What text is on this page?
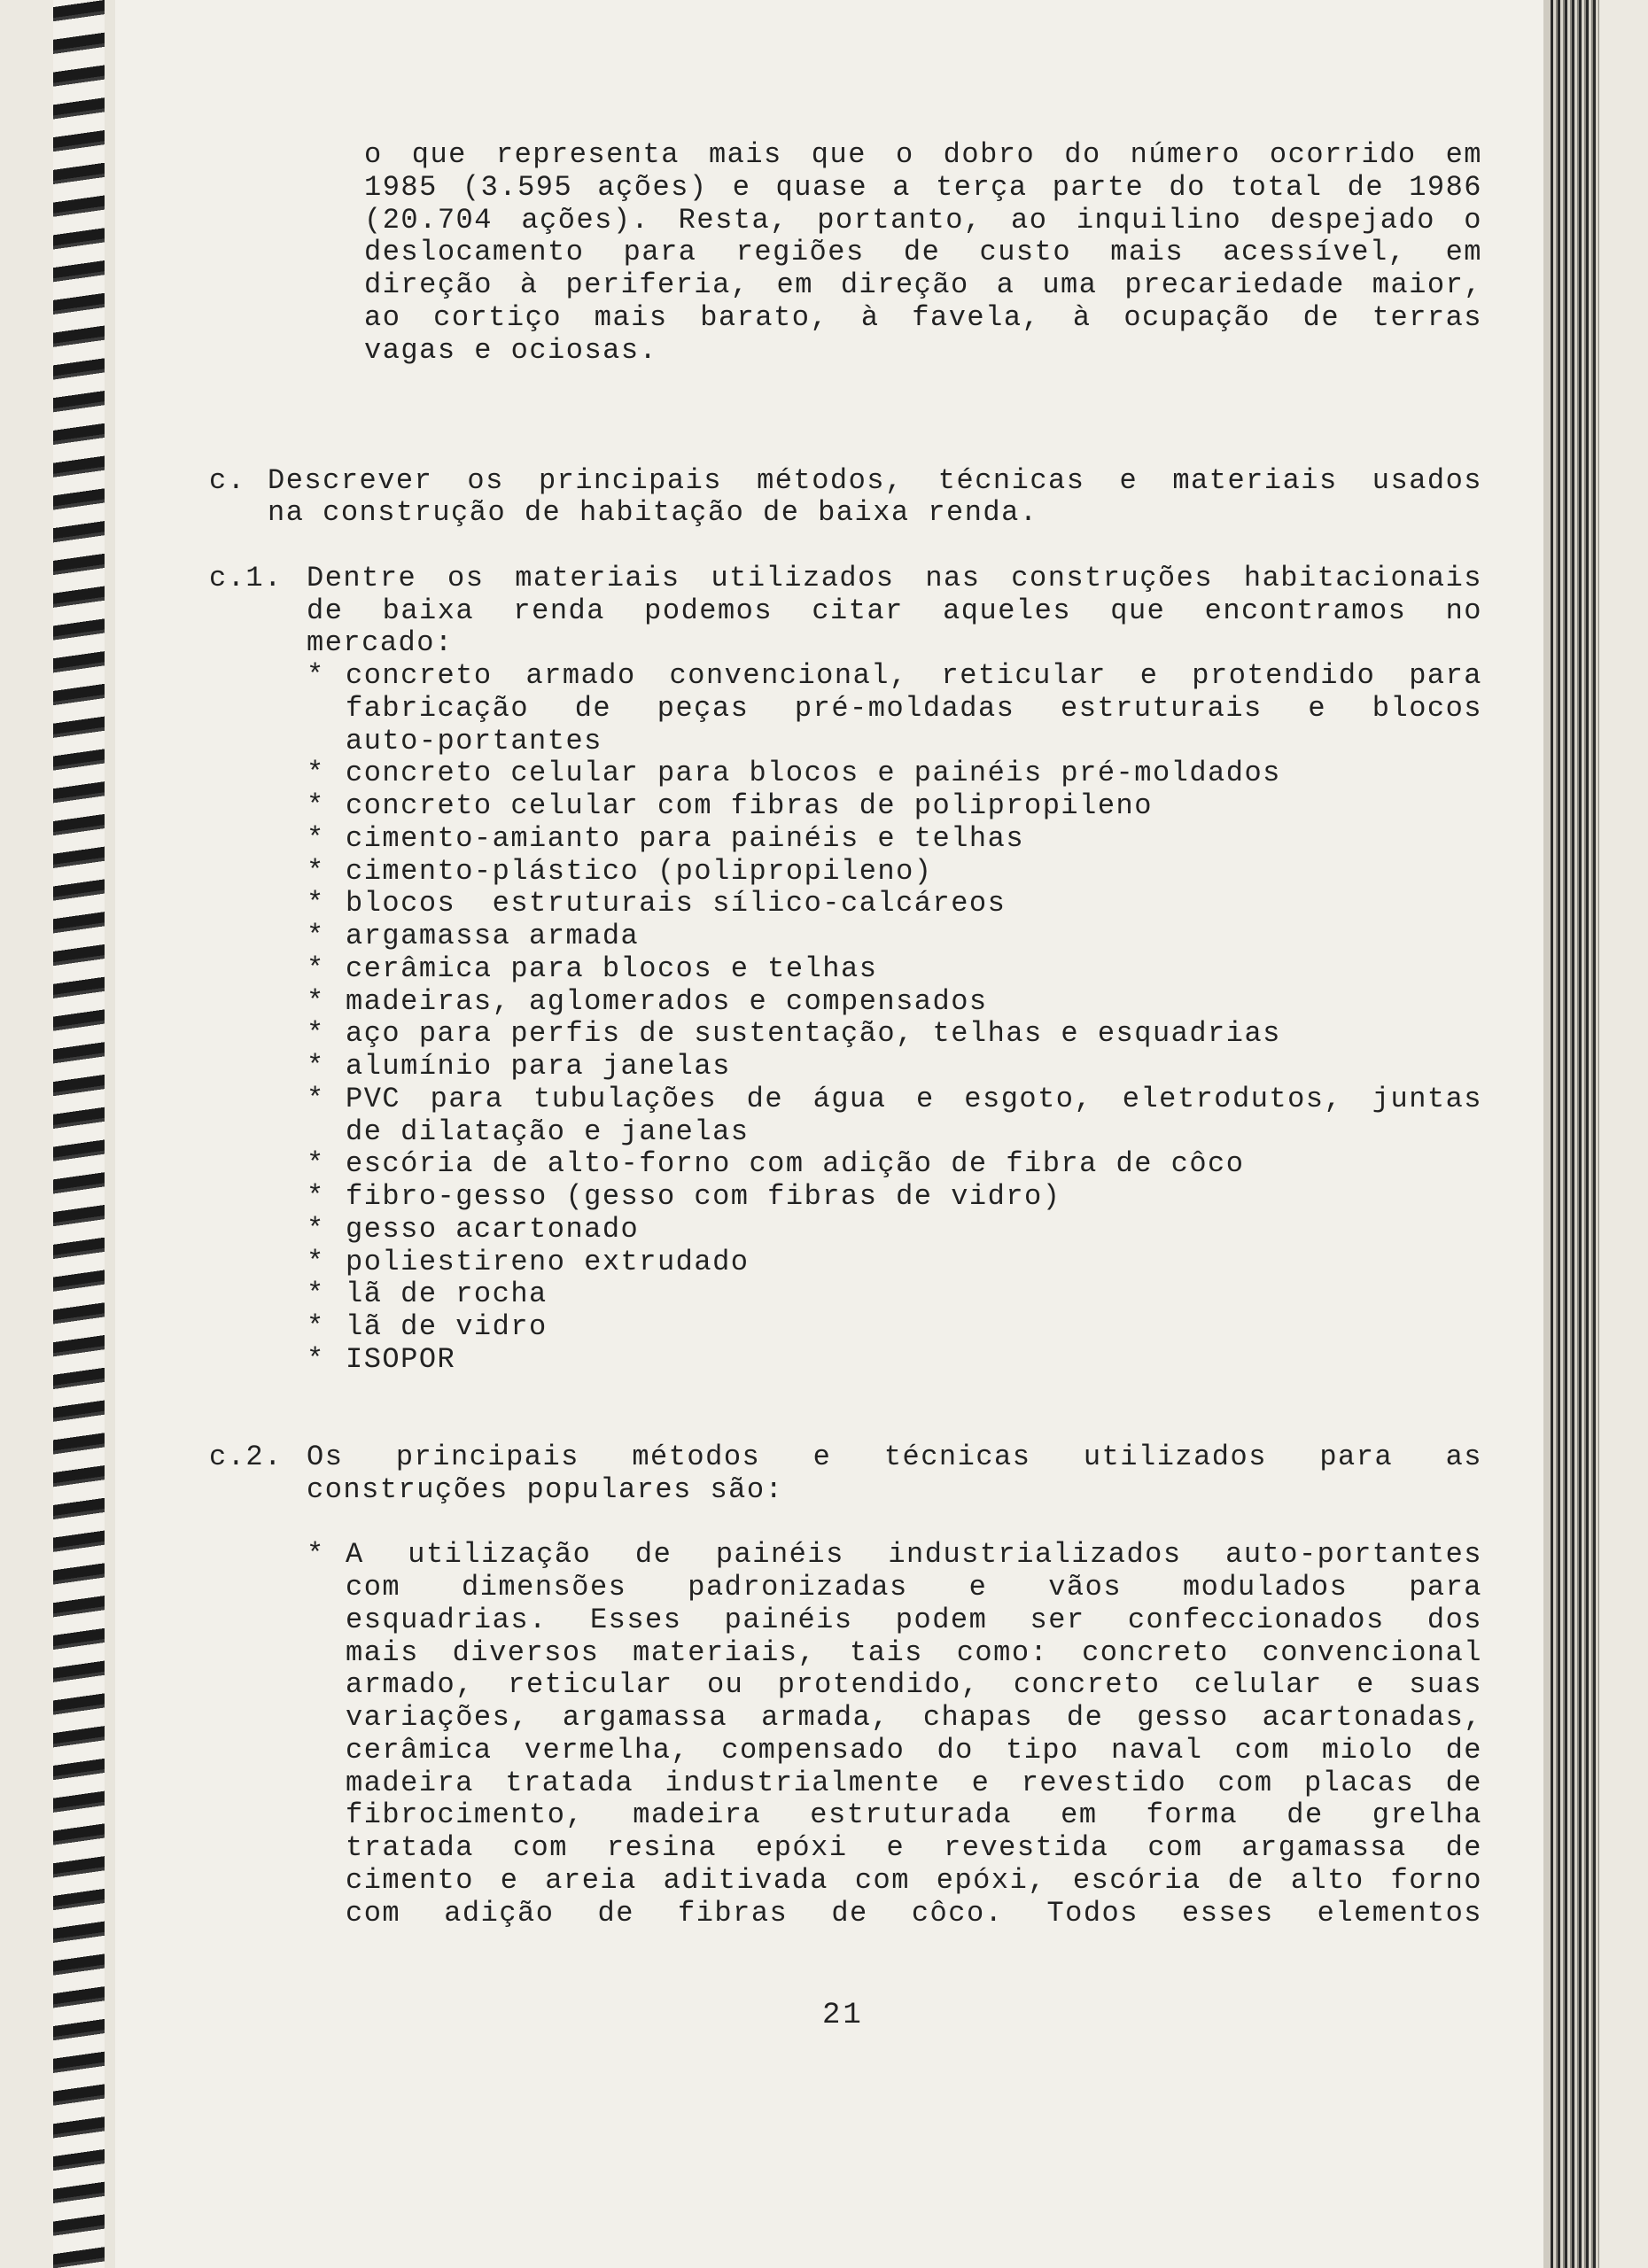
o que representa mais que o dobro do número ocorrido em
1985 (3.595 ações) e quase a terça parte do total de 1986
(20.704 ações). Resta, portanto, ao inquilino despejado o
deslocamento para regiões de custo mais acessível, em
direção à periferia, em direção a uma precariedade maior,
ao cortiço mais barato, à favela, à ocupação de terras
vagas e ociosas.
c. Descrever os principais métodos, técnicas e materiais usados
na construção de habitação de baixa renda.
c.1. Dentre os materiais utilizados nas construções habitacionais
de baixa renda podemos citar aqueles que encontramos no
mercado:
* concreto armado convencional, reticular e protendido para
fabricação de peças pré-moldadas estruturais e blocos
auto-portantes
* concreto celular para blocos e painéis pré-moldados
* concreto celular com fibras de polipropileno
* cimento-amianto para painéis e telhas
* cimento-plástico (polipropileno)
* blocos  estruturais sílico-calcáreos
* argamassa armada
* cerâmica para blocos e telhas
* madeiras, aglomerados e compensados
* aço para perfis de sustentação, telhas e esquadrias
* alumínio para janelas
* PVC para tubulações de água e esgoto, eletrodutos, juntas
de dilatação e janelas
* escória de alto-forno com adição de fibra de côco
* fibro-gesso (gesso com fibras de vidro)
* gesso acartonado
* poliestireno extrudado
* lã de rocha
* lã de vidro
* ISOPOR
c.2. Os principais métodos e técnicas utilizados para as
construções populares são:
* A utilização de painéis industrializados auto-portantes
com dimensões padronizadas e vãos modulados para
esquadrias. Esses painéis podem ser confeccionados dos
mais diversos materiais, tais como: concreto convencional
armado, reticular ou protendido, concreto celular e suas
variações, argamassa armada, chapas de gesso acartonadas,
cerâmica vermelha, compensado do tipo naval com miolo de
madeira tratada industrialmente e revestido com placas de
fibrocimento, madeira estruturada em forma de grelha
tratada com resina epóxi e revestida com argamassa de
cimento e areia aditivada com epóxi, escória de alto forno
com adição de fibras de côco. Todos esses elementos
21
